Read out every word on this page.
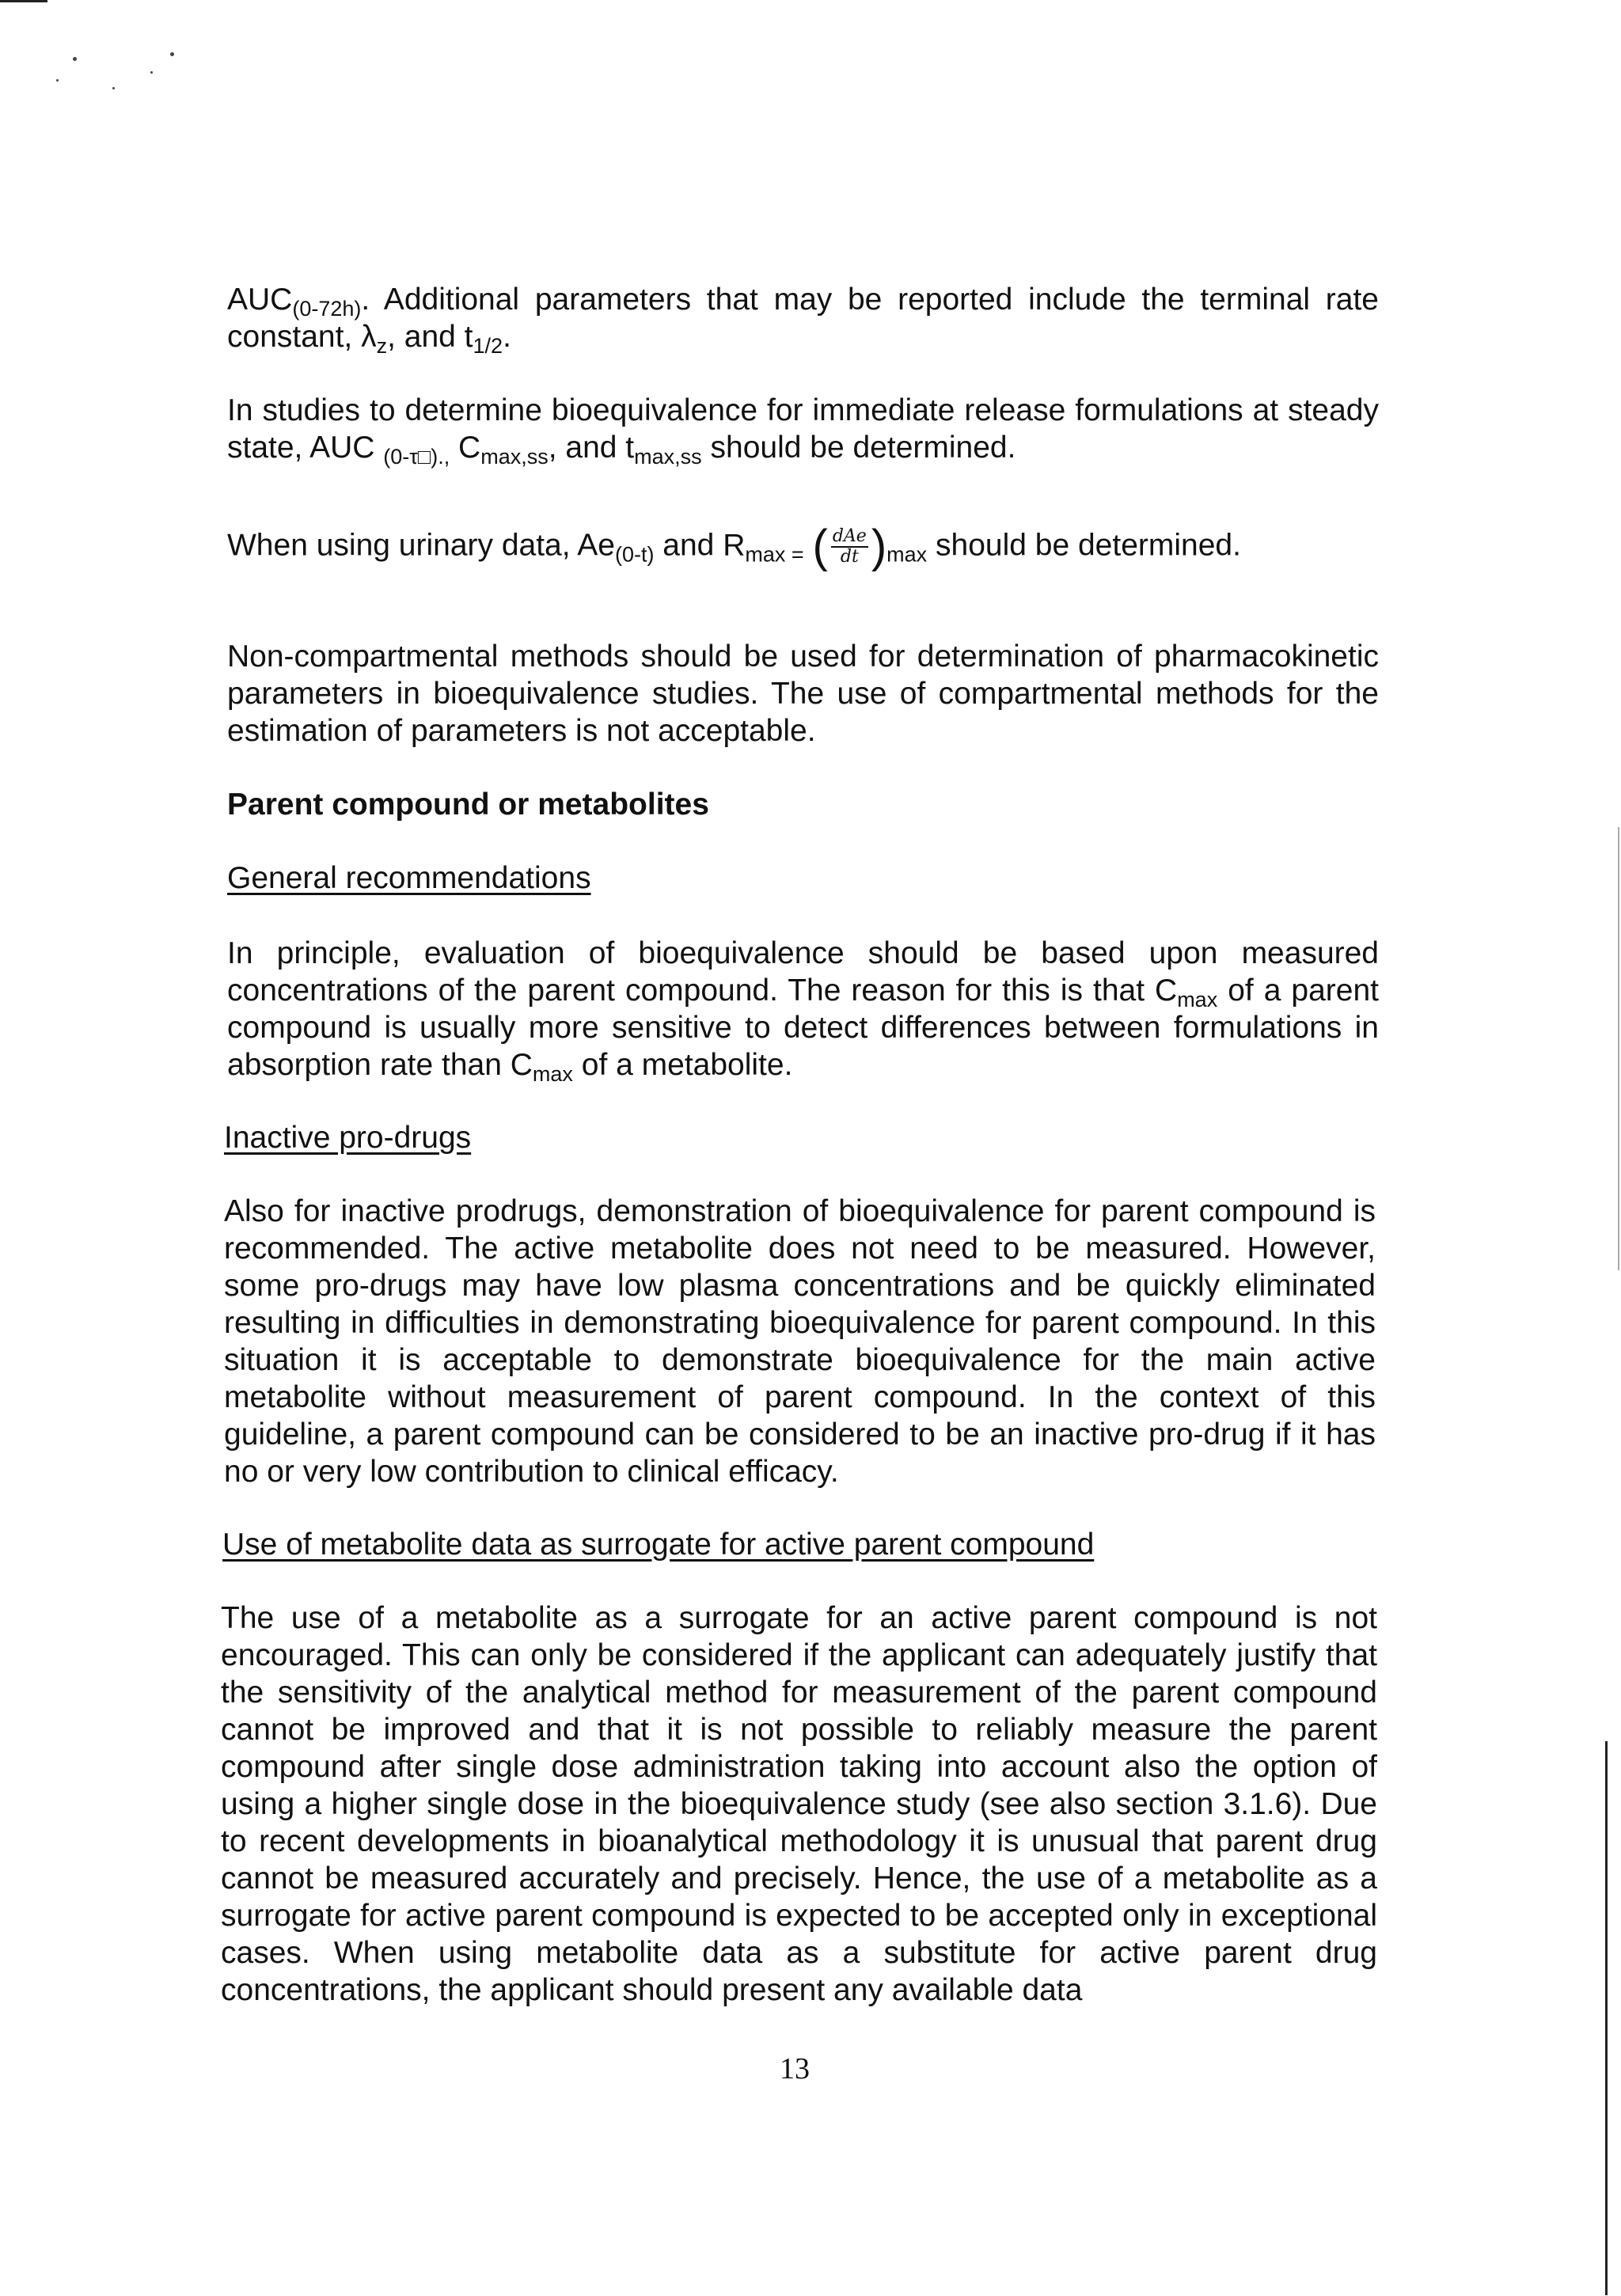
$AUC_{(0-72h)}$. Additional parameters that may be reported include the terminal rate constant, $\lambda_z$, and $t_{1/2}$.

In studies to determine bioequivalence for immediate release formulations at steady state, AUC $_{(0-\tau□).,}$ $C_{max,ss}$, and $t_{max,ss}$ should be determined.

When using urinary data, $Ae_{(0-t)}$ and $R_{max =}$ ( $\frac{\text{dAe}}{dt} )_{max}$ should be determined.

Non-compartmental methods should be used for determination of pharmacokinetic parameters in bioequivalence studies. The use of compartmental methods for the estimation of parameters is not acceptable.

Parent compound or metabolites

General recommendations

In principle, evaluation of bioequivalence should be based upon measured concentrations of the parent compound. The reason for this is that $C_{max}$ of a parent compound is usually more sensitive to detect differences between formulations in absorption rate than $C_{max}$ of a metabolite.

Inactive pro-drugs

Also for inactive prodrugs, demonstration of bioequivalence for parent compound is recommended. The active metabolite does not need to be measured. However, some pro-drugs may have low plasma concentrations and be quickly eliminated resulting in difficulties in demonstrating bioequivalence for parent compound. In this situation it is acceptable to demonstrate bioequivalence for the main active metabolite without measurement of parent compound. In the context of this guideline, a parent compound can be considered to be an inactive pro-drug if it has no or very low contribution to clinical efficacy.

Use of metabolite data as surrogate for active parent compound

The use of a metabolite as a surrogate for an active parent compound is not encouraged. This can only be considered if the applicant can adequately justify that the sensitivity of the analytical method for measurement of the parent compound cannot be improved and that it is not possible to reliably measure the parent compound after single dose administration taking into account also the option of using a higher single dose in the bioequivalence study (see also section 3.1.6). Due to recent developments in bioanalytical methodology it is unusual that parent drug cannot be measured accurately and precisely. Hence, the use of a metabolite as a surrogate for active parent compound is expected to be accepted only in exceptional cases. When using metabolite data as a substitute for active parent drug concentrations, the applicant should present any available data

13
